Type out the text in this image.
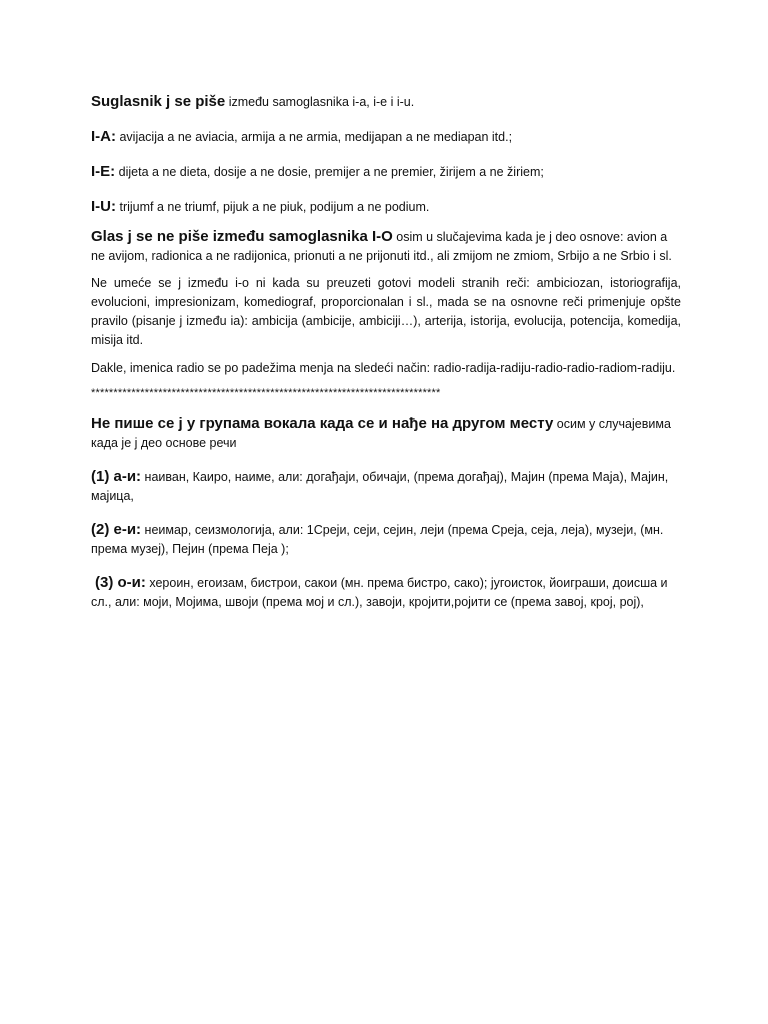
Suglasnik j se piše između samoglasnika i-a, i-e i i-u.

I-A: avijacija a ne aviacia, armija a ne armia, medijapan a ne mediapan itd.;

I-E: dijeta a ne dieta, dosije a ne dosie, premijer a ne premier, žirijem a ne žiriem;

I-U: trijumf a ne triumf, pijuk a ne piuk, podijum a ne podium.

Glas j se ne piše između samoglasnika I-O osim u slučajevima kada je j deo osnove: avion a ne avijom, radionica a ne radijonica, prionuti a ne prijonuti itd., ali zmijom ne zmiom, Srbijo a ne Srbio i sl.

Ne umeće se j između i-o ni kada su preuzeti gotovi modeli stranih reči: ambiciozan, istoriografija, evolucioni, impresionizam, komediograf, proporcionalan i sl., mada se na osnovne reči primenjuje opšte pravilo (pisanje j između ia): ambicija (ambicije, ambiciji…), arterija, istorija, evolucija, potencija, komedija, misija itd.

Dakle, imenica radio se po padežima menja na sledeći način: radio-radija-radiju-radio-radio-radiom-radiju.

******************************************************************************

Не пише се ј у групама вокала када се и нађе на другом месту осим у случајевима када је ј део основе речи

(1) а-и: наиван, Каиро, наиме, али: догађаји, обичаји, (према догађај), Мајин (према Маја), Мајин, мајица,

(2) е-и: неимар, сеизмологија, али: 1Среји, сеји, сејин, леји (према Среја, сеја, леја), музеји, (мн. према музеј), Пејин (према Пеја );

(3) о-и: хероин, егоизам, бистрои, сакои (мн. према бистро, сако); југоисток, йоиграши, доисша и сл., али: моји, Мојима, швоји (према мој и сл.), завоји, кројити,ројити се (према завој, крој, рој),
